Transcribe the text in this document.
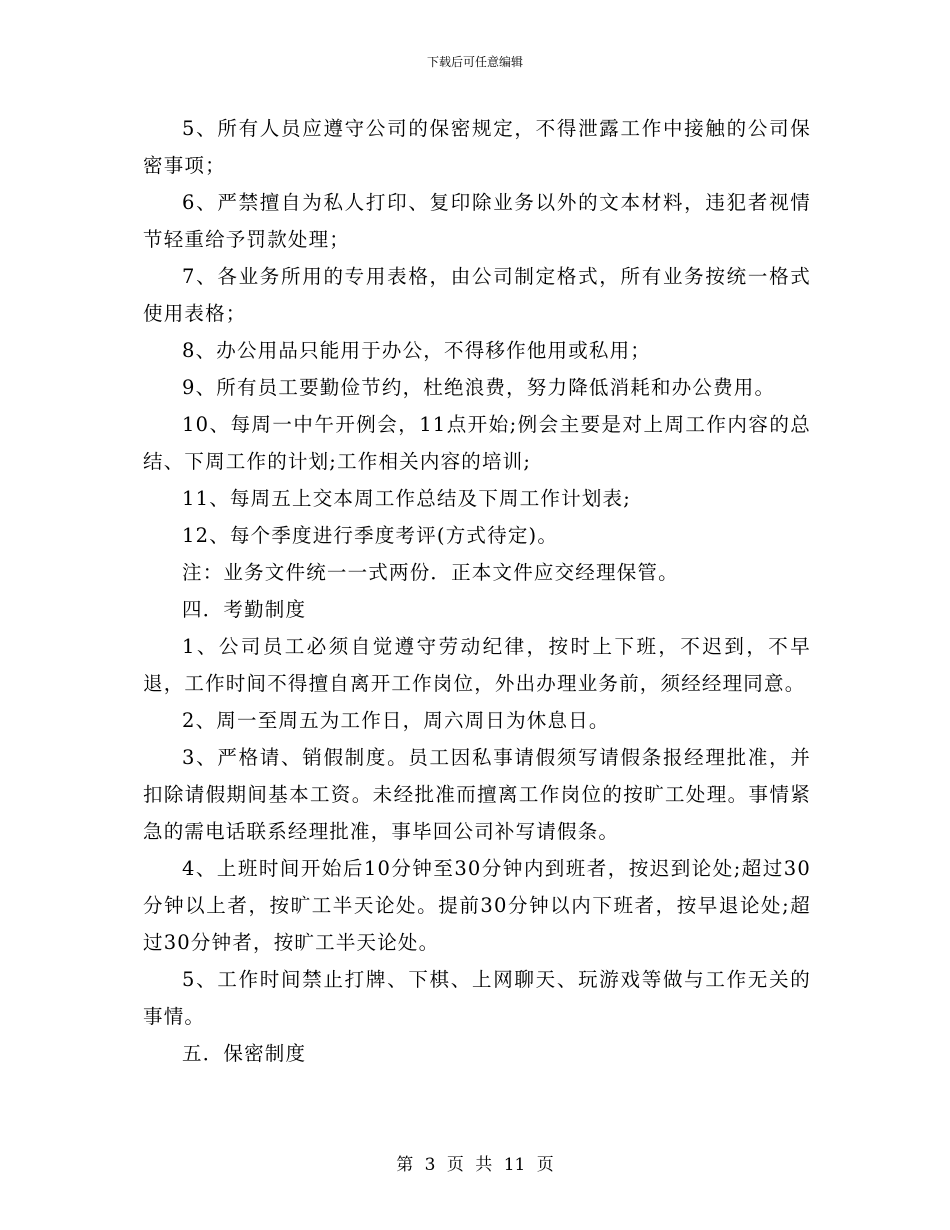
下载后可任意编辑

5、所有人员应遵守公司的保密规定，不得泄露工作中接触的公司保密事项；

6、严禁擅自为私人打印、复印除业务以外的文本材料，违犯者视情节轻重给予罚款处理；

7、各业务所用的专用表格，由公司制定格式，所有业务按统一格式使用表格；

8、办公用品只能用于办公，不得移作他用或私用；

9、所有员工要勤俭节约，杜绝浪费，努力降低消耗和办公费用。

10、每周一中午开例会，11点开始;例会主要是对上周工作内容的总结、下周工作的计划;工作相关内容的培训;

11、每周五上交本周工作总结及下周工作计划表;

12、每个季度进行季度考评(方式待定)。

注：业务文件统一一式两份．正本文件应交经理保管。

四．考勤制度

1、公司员工必须自觉遵守劳动纪律，按时上下班，不迟到，不早退，工作时间不得擅自离开工作岗位，外出办理业务前，须经经理同意。

2、周一至周五为工作日，周六周日为休息日。

3、严格请、销假制度。员工因私事请假须写请假条报经理批准，并扣除请假期间基本工资。未经批准而擅离工作岗位的按旷工处理。事情紧急的需电话联系经理批准，事毕回公司补写请假条。

4、上班时间开始后10分钟至30分钟内到班者，按迟到论处;超过30分钟以上者，按旷工半天论处。提前30分钟以内下班者，按早退论处;超过30分钟者，按旷工半天论处。

5、工作时间禁止打牌、下棋、上网聊天、玩游戏等做与工作无关的事情。

五．保密制度

第 3 页 共 11 页
